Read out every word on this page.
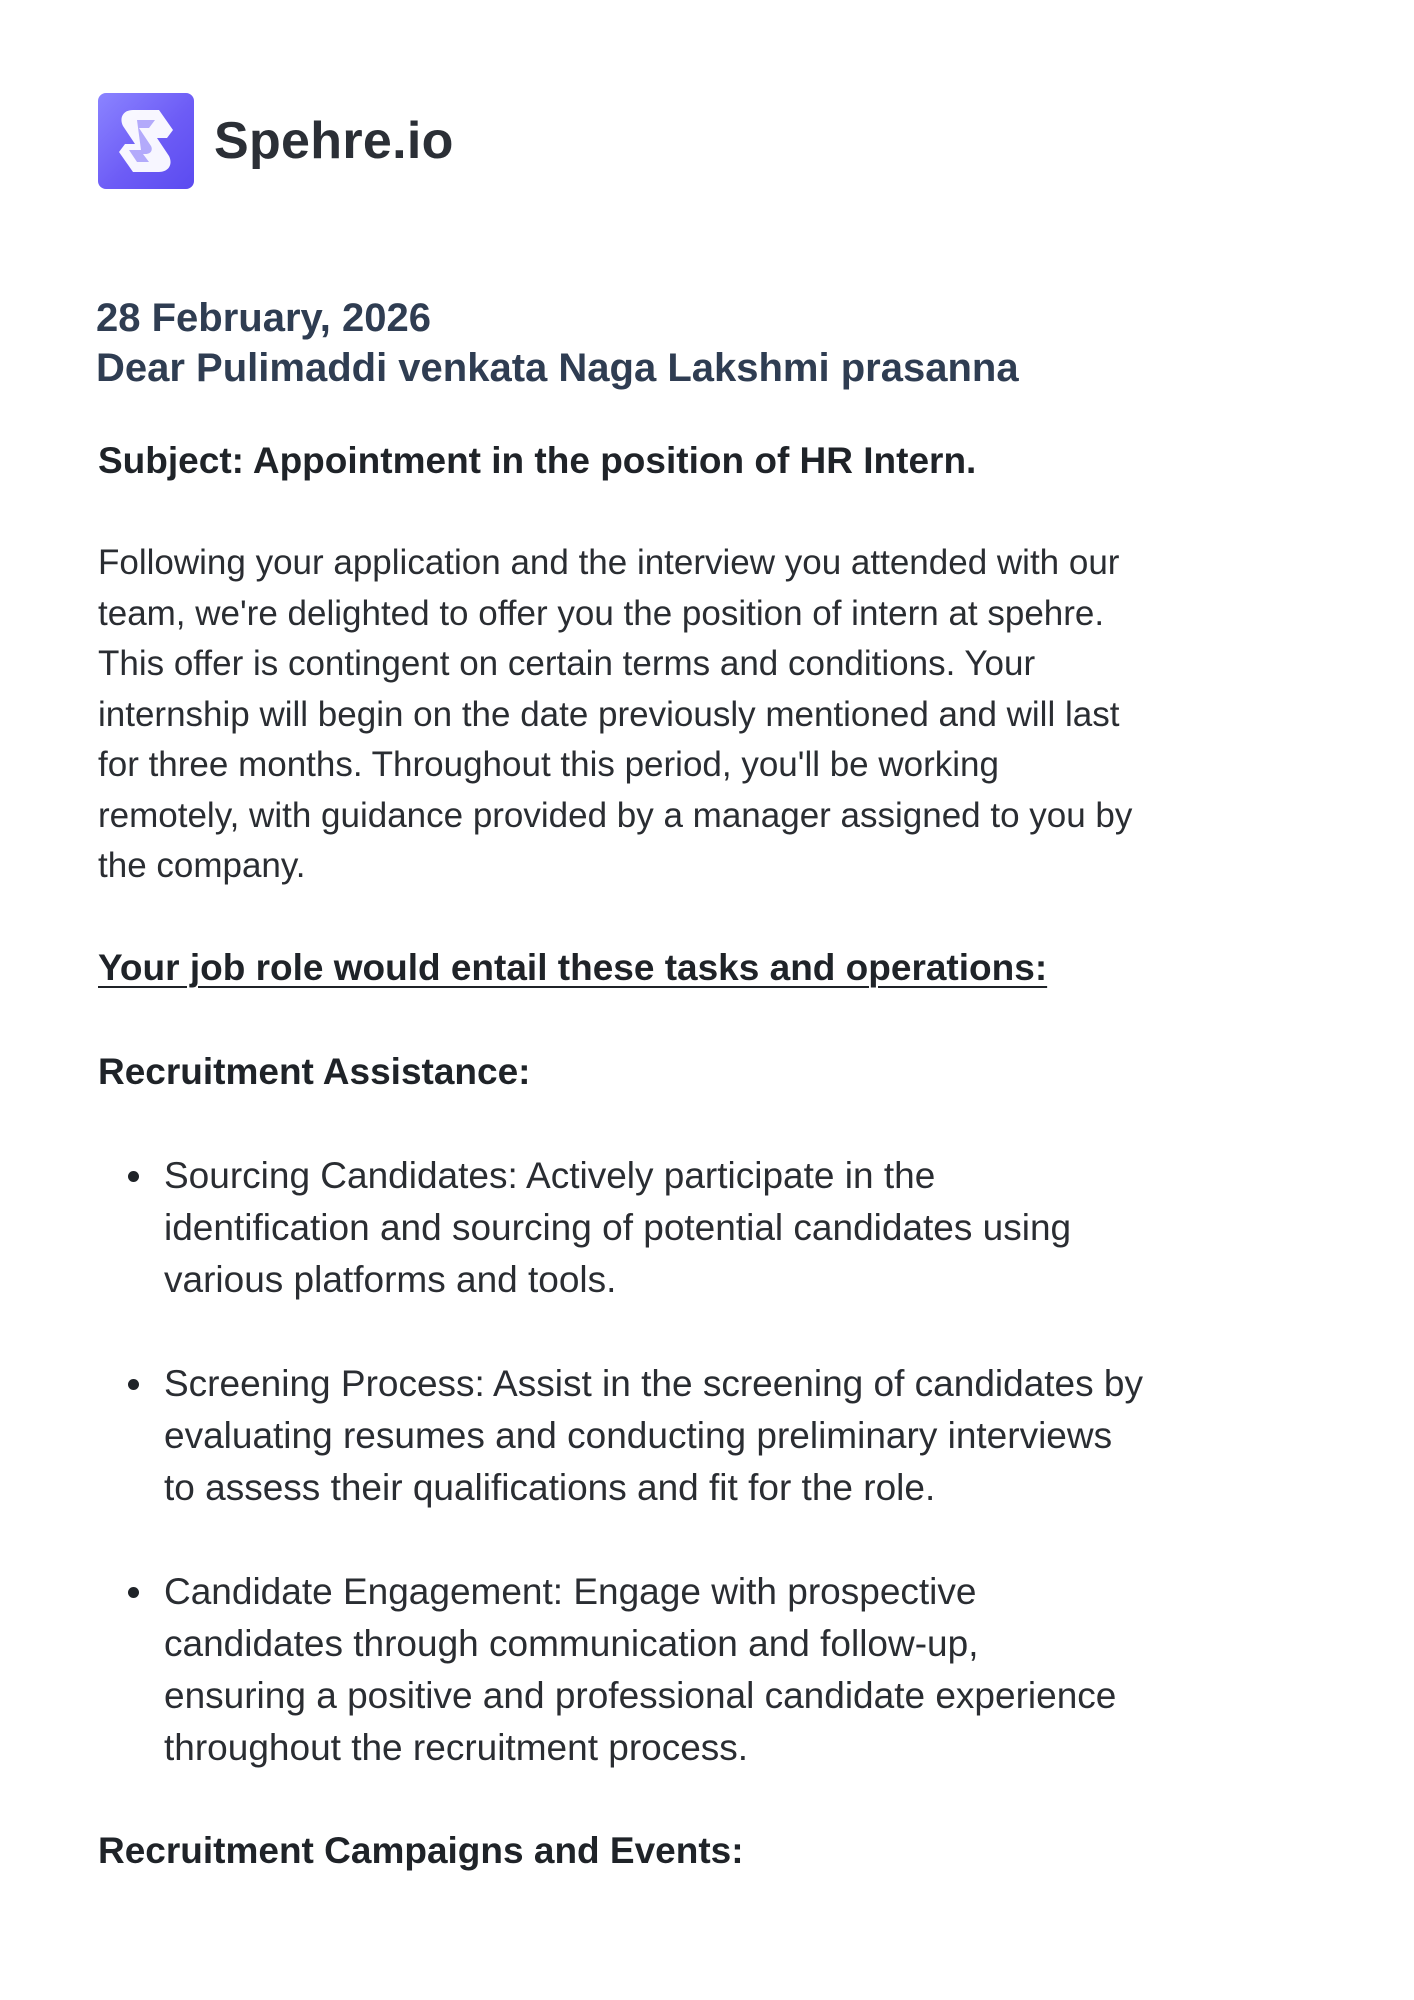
Spehre.io
28 February, 2026
Dear Pulimaddi venkata Naga Lakshmi prasanna
Subject: Appointment in the position of HR Intern.

Following your application and the interview you attended with our
team, we're delighted to offer you the position of intern at spehre.
This offer is contingent on certain terms and conditions. Your
internship will begin on the date previously mentioned and will last
for three months. Throughout this period, you'll be working
remotely, with guidance provided by a manager assigned to you by
the company.

Your job role would entail these tasks and operations:
Recruitment Assistance:
Sourcing Candidates: Actively participate in the
identification and sourcing of potential candidates using
various platforms and tools.
Screening Process: Assist in the screening of candidates by
evaluating resumes and conducting preliminary interviews
to assess their qualifications and fit for the role.
Candidate Engagement: Engage with prospective
candidates through communication and follow-up,
ensuring a positive and professional candidate experience
throughout the recruitment process.
Recruitment Campaigns and Events:
